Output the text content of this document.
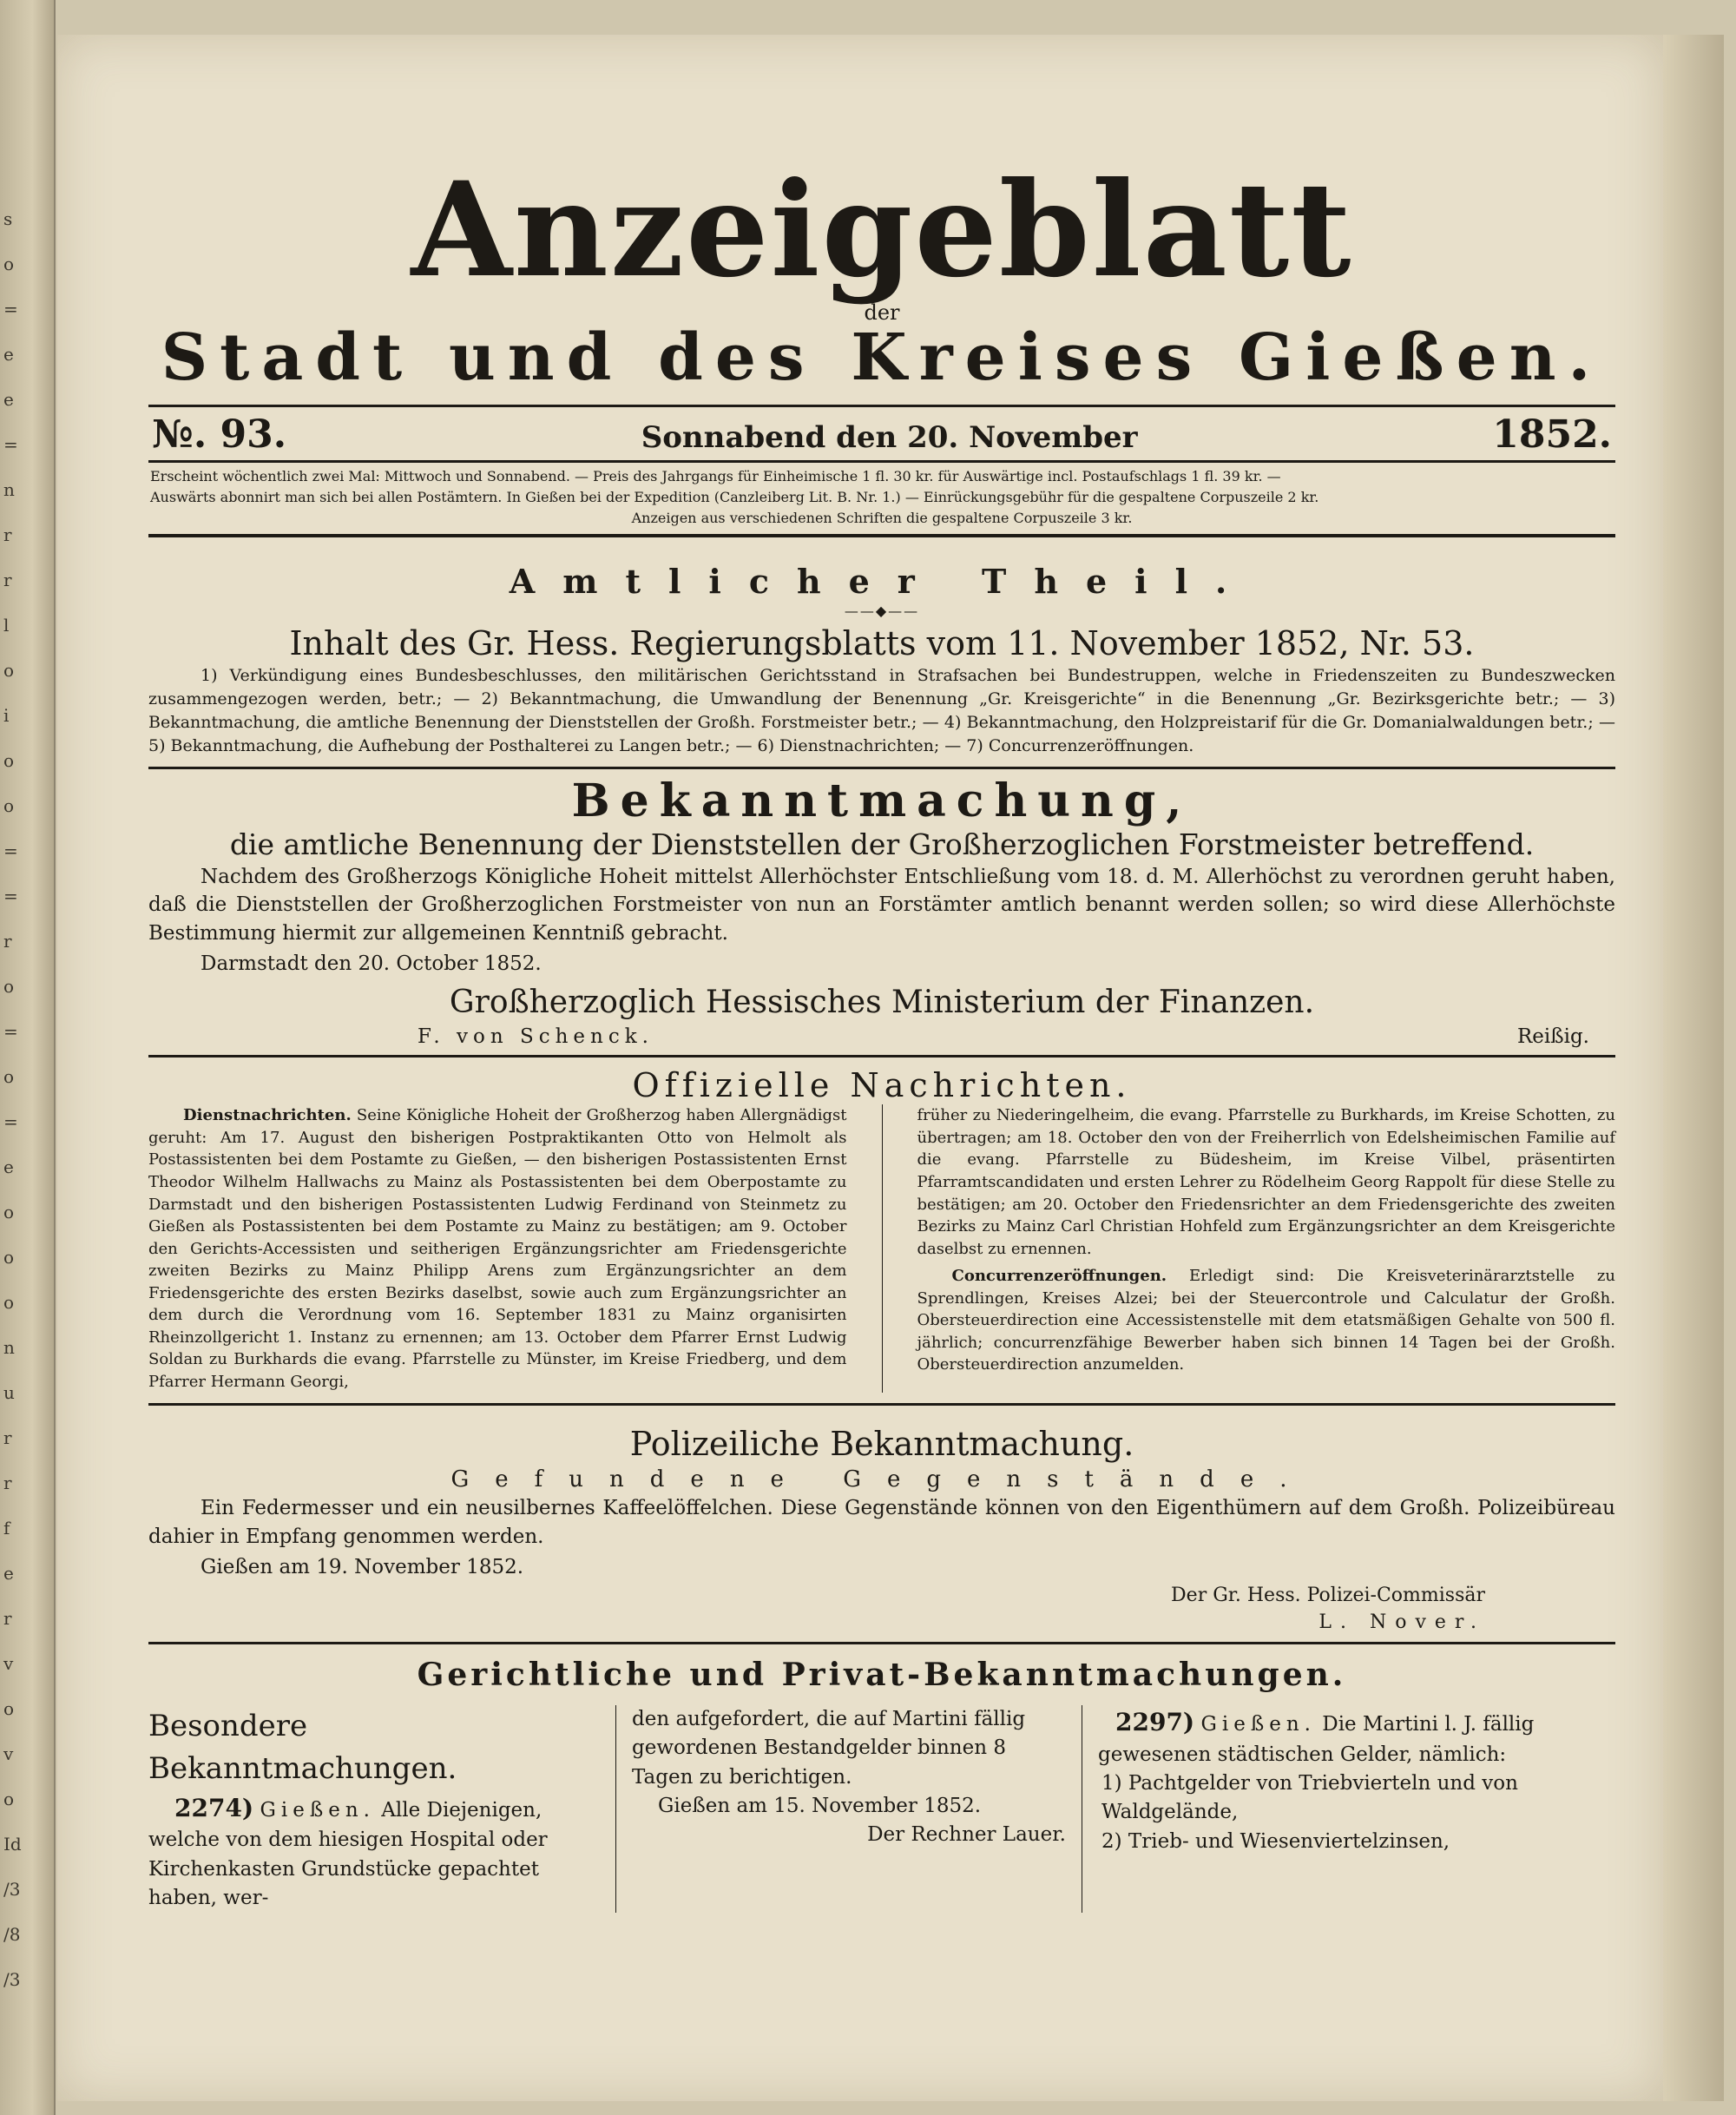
s
o
=
e
e
=
n
r
r
l
o
i
o
o
=
=
r
o
=
o
=
e
o
o
o
n
u
r
r
f
e
r
v
o
v
o
Id
/3
/8
/3
Anzeigeblatt
der
Stadt und des Kreises Gießen.
№. 93.	Sonnabend den 20. November	1852.
Erscheint wöchentlich zwei Mal: Mittwoch und Sonnabend. — Preis des Jahrgangs für Einheimische 1 fl. 30 kr. für Auswärtige incl. Postaufschlags 1 fl. 39 kr. —
Auswärts abonnirt man sich bei allen Postämtern. In Gießen bei der Expedition (Canzleiberg Lit. B. Nr. 1.) — Einrückungsgebühr für die gespaltene Corpuszeile 2 kr.
Anzeigen aus verschiedenen Schriften die gespaltene Corpuszeile 3 kr.
Amtlicher Theil.
——◆——
Inhalt des Gr. Hess. Regierungsblatts vom 11. November 1852, Nr. 53.
1) Verkündigung eines Bundesbeschlusses, den militärischen Gerichtsstand in Strafsachen bei Bundestruppen, welche in Friedenszeiten zu Bundeszwecken zusammengezogen werden, betr.; — 2) Bekanntmachung, die Umwandlung der Benennung „Gr. Kreisgerichte“ in die Benennung „Gr. Bezirksgerichte betr.; — 3) Bekanntmachung, die amtliche Benennung der Dienststellen der Großh. Forstmeister betr.; — 4) Bekanntmachung, den Holzpreistarif für die Gr. Domanialwaldungen betr.; — 5) Bekanntmachung, die Aufhebung der Posthalterei zu Langen betr.; — 6) Dienstnachrichten; — 7) Concurrenzeröffnungen.
Bekanntmachung,
die amtliche Benennung der Dienststellen der Großherzoglichen Forstmeister betreffend.
Nachdem des Großherzogs Königliche Hoheit mittelst Allerhöchster Entschließung vom 18. d. M. Allerhöchst zu verordnen geruht haben, daß die Dienststellen der Großherzoglichen Forstmeister von nun an Forstämter amtlich benannt werden sollen; so wird diese Allerhöchste Bestimmung hiermit zur allgemeinen Kenntniß gebracht.
Darmstadt den 20. October 1852.
Großherzoglich Hessisches Ministerium der Finanzen.
F. von Schenck.	Reißig.
Offizielle Nachrichten.
Dienstnachrichten. Seine Königliche Hoheit der Großherzog haben Allergnädigst geruht: Am 17. August den bisherigen Postpraktikanten Otto von Helmolt als Postassistenten bei dem Postamte zu Gießen, — den bisherigen Postassistenten Ernst Theodor Wilhelm Hallwachs zu Mainz als Postassistenten bei dem Oberpostamte zu Darmstadt und den bisherigen Postassistenten Ludwig Ferdinand von Steinmetz zu Gießen als Postassistenten bei dem Postamte zu Mainz zu bestätigen; am 9. October den Gerichts-Accessisten und seitherigen Ergänzungsrichter am Friedensgerichte zweiten Bezirks zu Mainz Philipp Arens zum Ergänzungsrichter an dem Friedensgerichte des ersten Bezirks daselbst, sowie auch zum Ergänzungsrichter an dem durch die Verordnung vom 16. September 1831 zu Mainz organisirten Rheinzollgericht 1. Instanz zu ernennen; am 13. October dem Pfarrer Ernst Ludwig Soldan zu Burkhards die evang. Pfarrstelle zu Münster, im Kreise Friedberg, und dem Pfarrer Hermann Georgi,
früher zu Niederingelheim, die evang. Pfarrstelle zu Burkhards, im Kreise Schotten, zu übertragen; am 18. October den von der Freiherrlich von Edelsheimischen Familie auf die evang. Pfarrstelle zu Büdesheim, im Kreise Vilbel, präsentirten Pfarramtscandidaten und ersten Lehrer zu Rödelheim Georg Rappolt für diese Stelle zu bestätigen; am 20. October den Friedensrichter an dem Friedensgerichte des zweiten Bezirks zu Mainz Carl Christian Hohfeld zum Ergänzungsrichter an dem Kreisgerichte daselbst zu ernennen.
Concurrenzeröffnungen. Erledigt sind: Die Kreisveterinärarztstelle zu Sprendlingen, Kreises Alzei; bei der Steuercontrole und Calculatur der Großh. Obersteuerdirection eine Accessistenstelle mit dem etatsmäßigen Gehalte von 500 fl. jährlich; concurrenzfähige Bewerber haben sich binnen 14 Tagen bei der Großh. Obersteuerdirection anzumelden.
Polizeiliche Bekanntmachung.
Gefundene Gegenstände.
Ein Federmesser und ein neusilbernes Kaffeelöffelchen. Diese Gegenstände können von den Eigenthümern auf dem Großh. Polizeibüreau dahier in Empfang genommen werden.
Gießen am 19. November 1852.
Der Gr. Hess. Polizei-Commissär
L. Nover.
Gerichtliche und Privat-Bekanntmachungen.
Besondere Bekanntmachungen.
2274) Gießen. Alle Diejenigen, welche von dem hiesigen Hospital oder Kirchenkasten Grundstücke gepachtet haben, wer-
den aufgefordert, die auf Martini fällig gewordenen Bestandgelder binnen 8 Tagen zu berichtigen.
Gießen am 15. November 1852.
Der Rechner Lauer.
2297) Gießen. Die Martini l. J. fällig gewesenen städtischen Gelder, nämlich:
1) Pachtgelder von Triebvierteln und von Waldgelände,
2) Trieb- und Wiesenviertelzinsen,
